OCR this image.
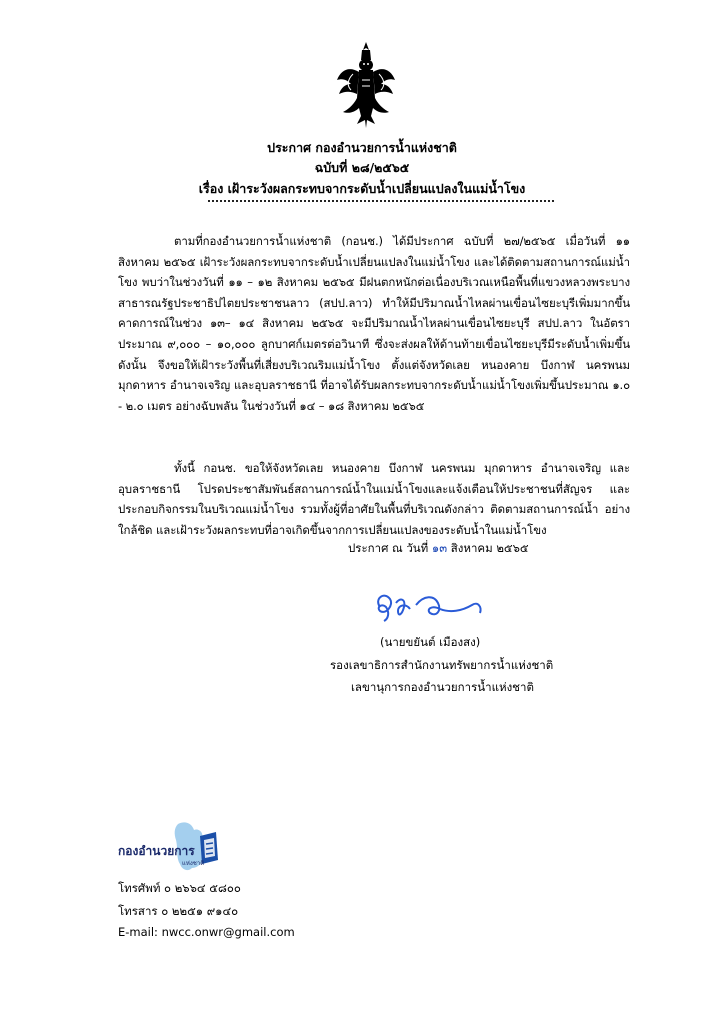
ประกาศ กองอำนวยการน้ำแห่งชาติ
ฉบับที่ ๒๘/๒๕๖๕
เรื่อง เฝ้าระวังผลกระทบจากระดับน้ำเปลี่ยนแปลงในแม่น้ำโขง
ตามที่กองอำนวยการน้ำแห่งชาติ (กอนช.) ได้มีประกาศ ฉบับที่ ๒๗/๒๕๖๕ เมื่อวันที่ ๑๑ สิงหาคม ๒๕๖๕ เฝ้าระวังผลกระทบจากระดับน้ำเปลี่ยนแปลงในแม่น้ำโขง และได้ติดตามสถานการณ์แม่น้ำโขง พบว่าในช่วงวันที่ ๑๑ – ๑๒ สิงหาคม ๒๕๖๕ มีฝนตกหนักต่อเนื่องบริเวณเหนือพื้นที่แขวงหลวงพระบาง สาธารณรัฐประชาธิปไตยประชาชนลาว (สปป.ลาว) ทำให้มีปริมาณน้ำไหลผ่านเขื่อนไซยะบุรีเพิ่มมากขึ้น คาดการณ์ในช่วง ๑๓– ๑๔ สิงหาคม ๒๕๖๕ จะมีปริมาณน้ำไหลผ่านเขื่อนไซยะบุรี สปป.ลาว ในอัตราประมาณ ๙,๐๐๐ – ๑๐,๐๐๐ ลูกบาศก์เมตรต่อวินาที ซึ่งจะส่งผลให้ด้านท้ายเขื่อนไซยะบุรีมีระดับน้ำเพิ่มขึ้น ดังนั้น จึงขอให้เฝ้าระวังพื้นที่เสี่ยงบริเวณริมแม่น้ำโขง ตั้งแต่จังหวัดเลย หนองคาย บึงกาฬ นครพนม มุกดาหาร อำนาจเจริญ และอุบลราชธานี ที่อาจได้รับผลกระทบจากระดับน้ำแม่น้ำโขงเพิ่มขึ้นประมาณ ๑.๐ - ๒.๐ เมตร อย่างฉับพลัน ในช่วงวันที่ ๑๔ – ๑๘ สิงหาคม ๒๕๖๕
ทั้งนี้ กอนช. ขอให้จังหวัดเลย หนองคาย บึงกาฬ นครพนม มุกดาหาร อำนาจเจริญ และอุบลราชธานี โปรดประชาสัมพันธ์สถานการณ์น้ำในแม่น้ำโขงและแจ้งเตือนให้ประชาชนที่สัญจร และประกอบกิจกรรมในบริเวณแม่น้ำโขง รวมทั้งผู้ที่อาศัยในพื้นที่บริเวณดังกล่าว ติดตามสถานการณ์น้ำ อย่างใกล้ชิด และเฝ้าระวังผลกระทบที่อาจเกิดขึ้นจากการเปลี่ยนแปลงของระดับน้ำในแม่น้ำโขง
ประกาศ ณ วันที่ ๑๓ สิงหาคม ๒๕๖๕
(นายขยันต์ เมืองสง)
รองเลขาธิการสำนักงานทรัพยากรน้ำแห่งชาติ
เลขานุการกองอำนวยการน้ำแห่งชาติ
กองอำนวยการ
แห่งชาติ
โทรศัพท์ ๐ ๒๖๖๔ ๕๘๐๐
โทรสาร ๐ ๒๒๕๑ ๙๑๔๐
E-mail: nwcc.onwr@gmail.com
